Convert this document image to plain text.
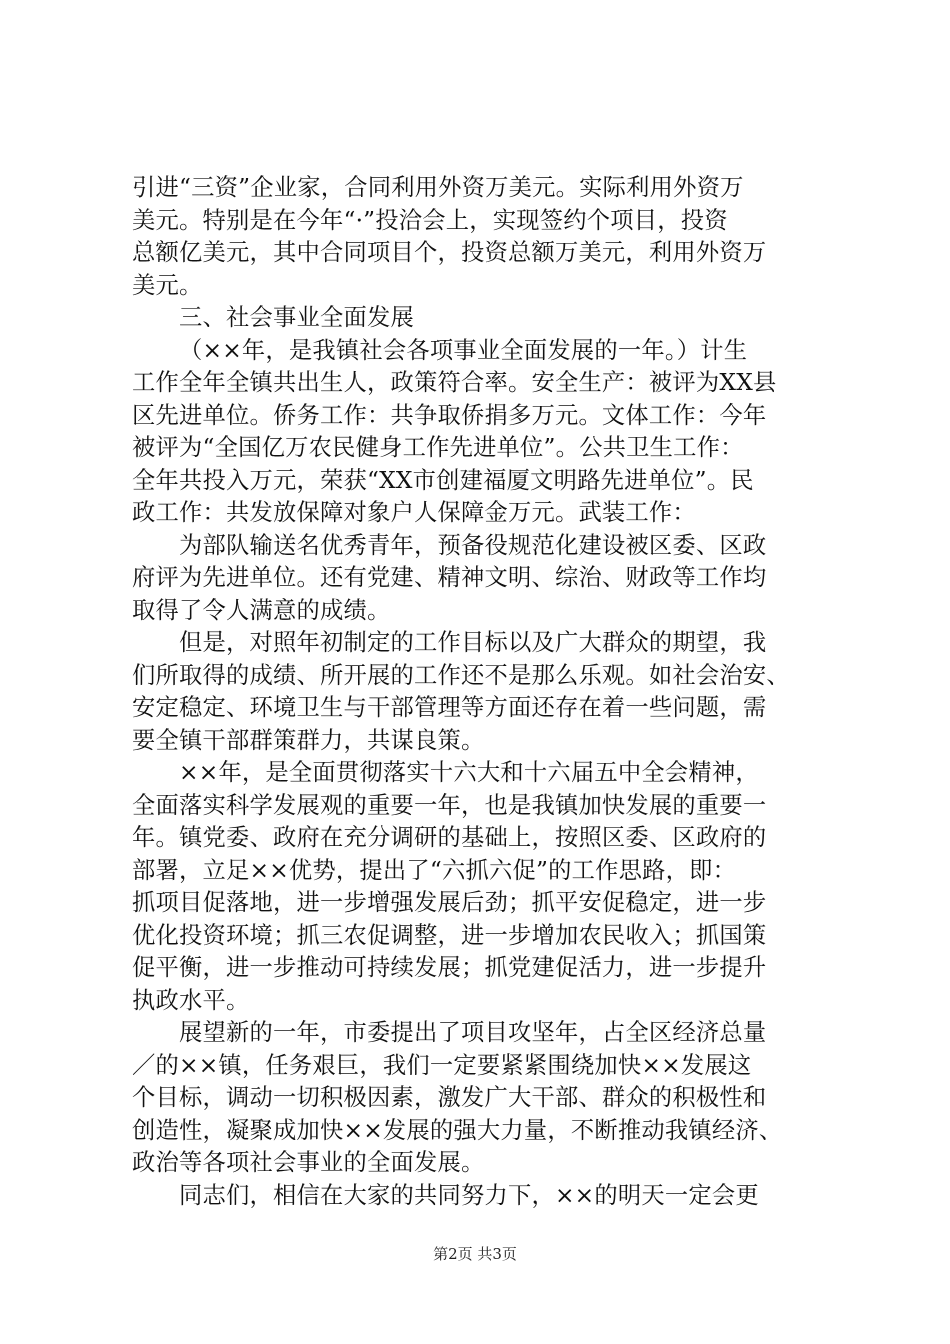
引进“三资”企业家，合同利用外资万美元。实际利用外资万
美元。特别是在今年“·”投洽会上，实现签约个项目，投资
总额亿美元，其中合同项目个，投资总额万美元，利用外资万
美元。

三、社会事业全面发展

（××年，是我镇社会各项事业全面发展的一年。）计生
工作全年全镇共出生人，政策符合率。安全生产：被评为XX县
区先进单位。侨务工作：共争取侨捐多万元。文体工作：今年
被评为“全国亿万农民健身工作先进单位”。公共卫生工作：
全年共投入万元，荣获“XX市创建福厦文明路先进单位”。民
政工作：共发放保障对象户人保障金万元。武装工作：

为部队输送名优秀青年，预备役规范化建设被区委、区政
府评为先进单位。还有党建、精神文明、综治、财政等工作均
取得了令人满意的成绩。

但是，对照年初制定的工作目标以及广大群众的期望，我
们所取得的成绩、所开展的工作还不是那么乐观。如社会治安、
安定稳定、环境卫生与干部管理等方面还存在着一些问题，需
要全镇干部群策群力，共谋良策。

××年，是全面贯彻落实十六大和十六届五中全会精神，
全面落实科学发展观的重要一年，也是我镇加快发展的重要一
年。镇党委、政府在充分调研的基础上，按照区委、区政府的
部署，立足××优势，提出了“六抓六促”的工作思路，即：
抓项目促落地，进一步增强发展后劲；抓平安促稳定，进一步
优化投资环境；抓三农促调整，进一步增加农民收入；抓国策
促平衡，进一步推动可持续发展；抓党建促活力，进一步提升
执政水平。

展望新的一年，市委提出了项目攻坚年，占全区经济总量
／的××镇，任务艰巨，我们一定要紧紧围绕加快××发展这
个目标，调动一切积极因素，激发广大干部、群众的积极性和
创造性，凝聚成加快××发展的强大力量，不断推动我镇经济、
政治等各项社会事业的全面发展。

同志们，相信在大家的共同努力下，××的明天一定会更

第2页 共3页
